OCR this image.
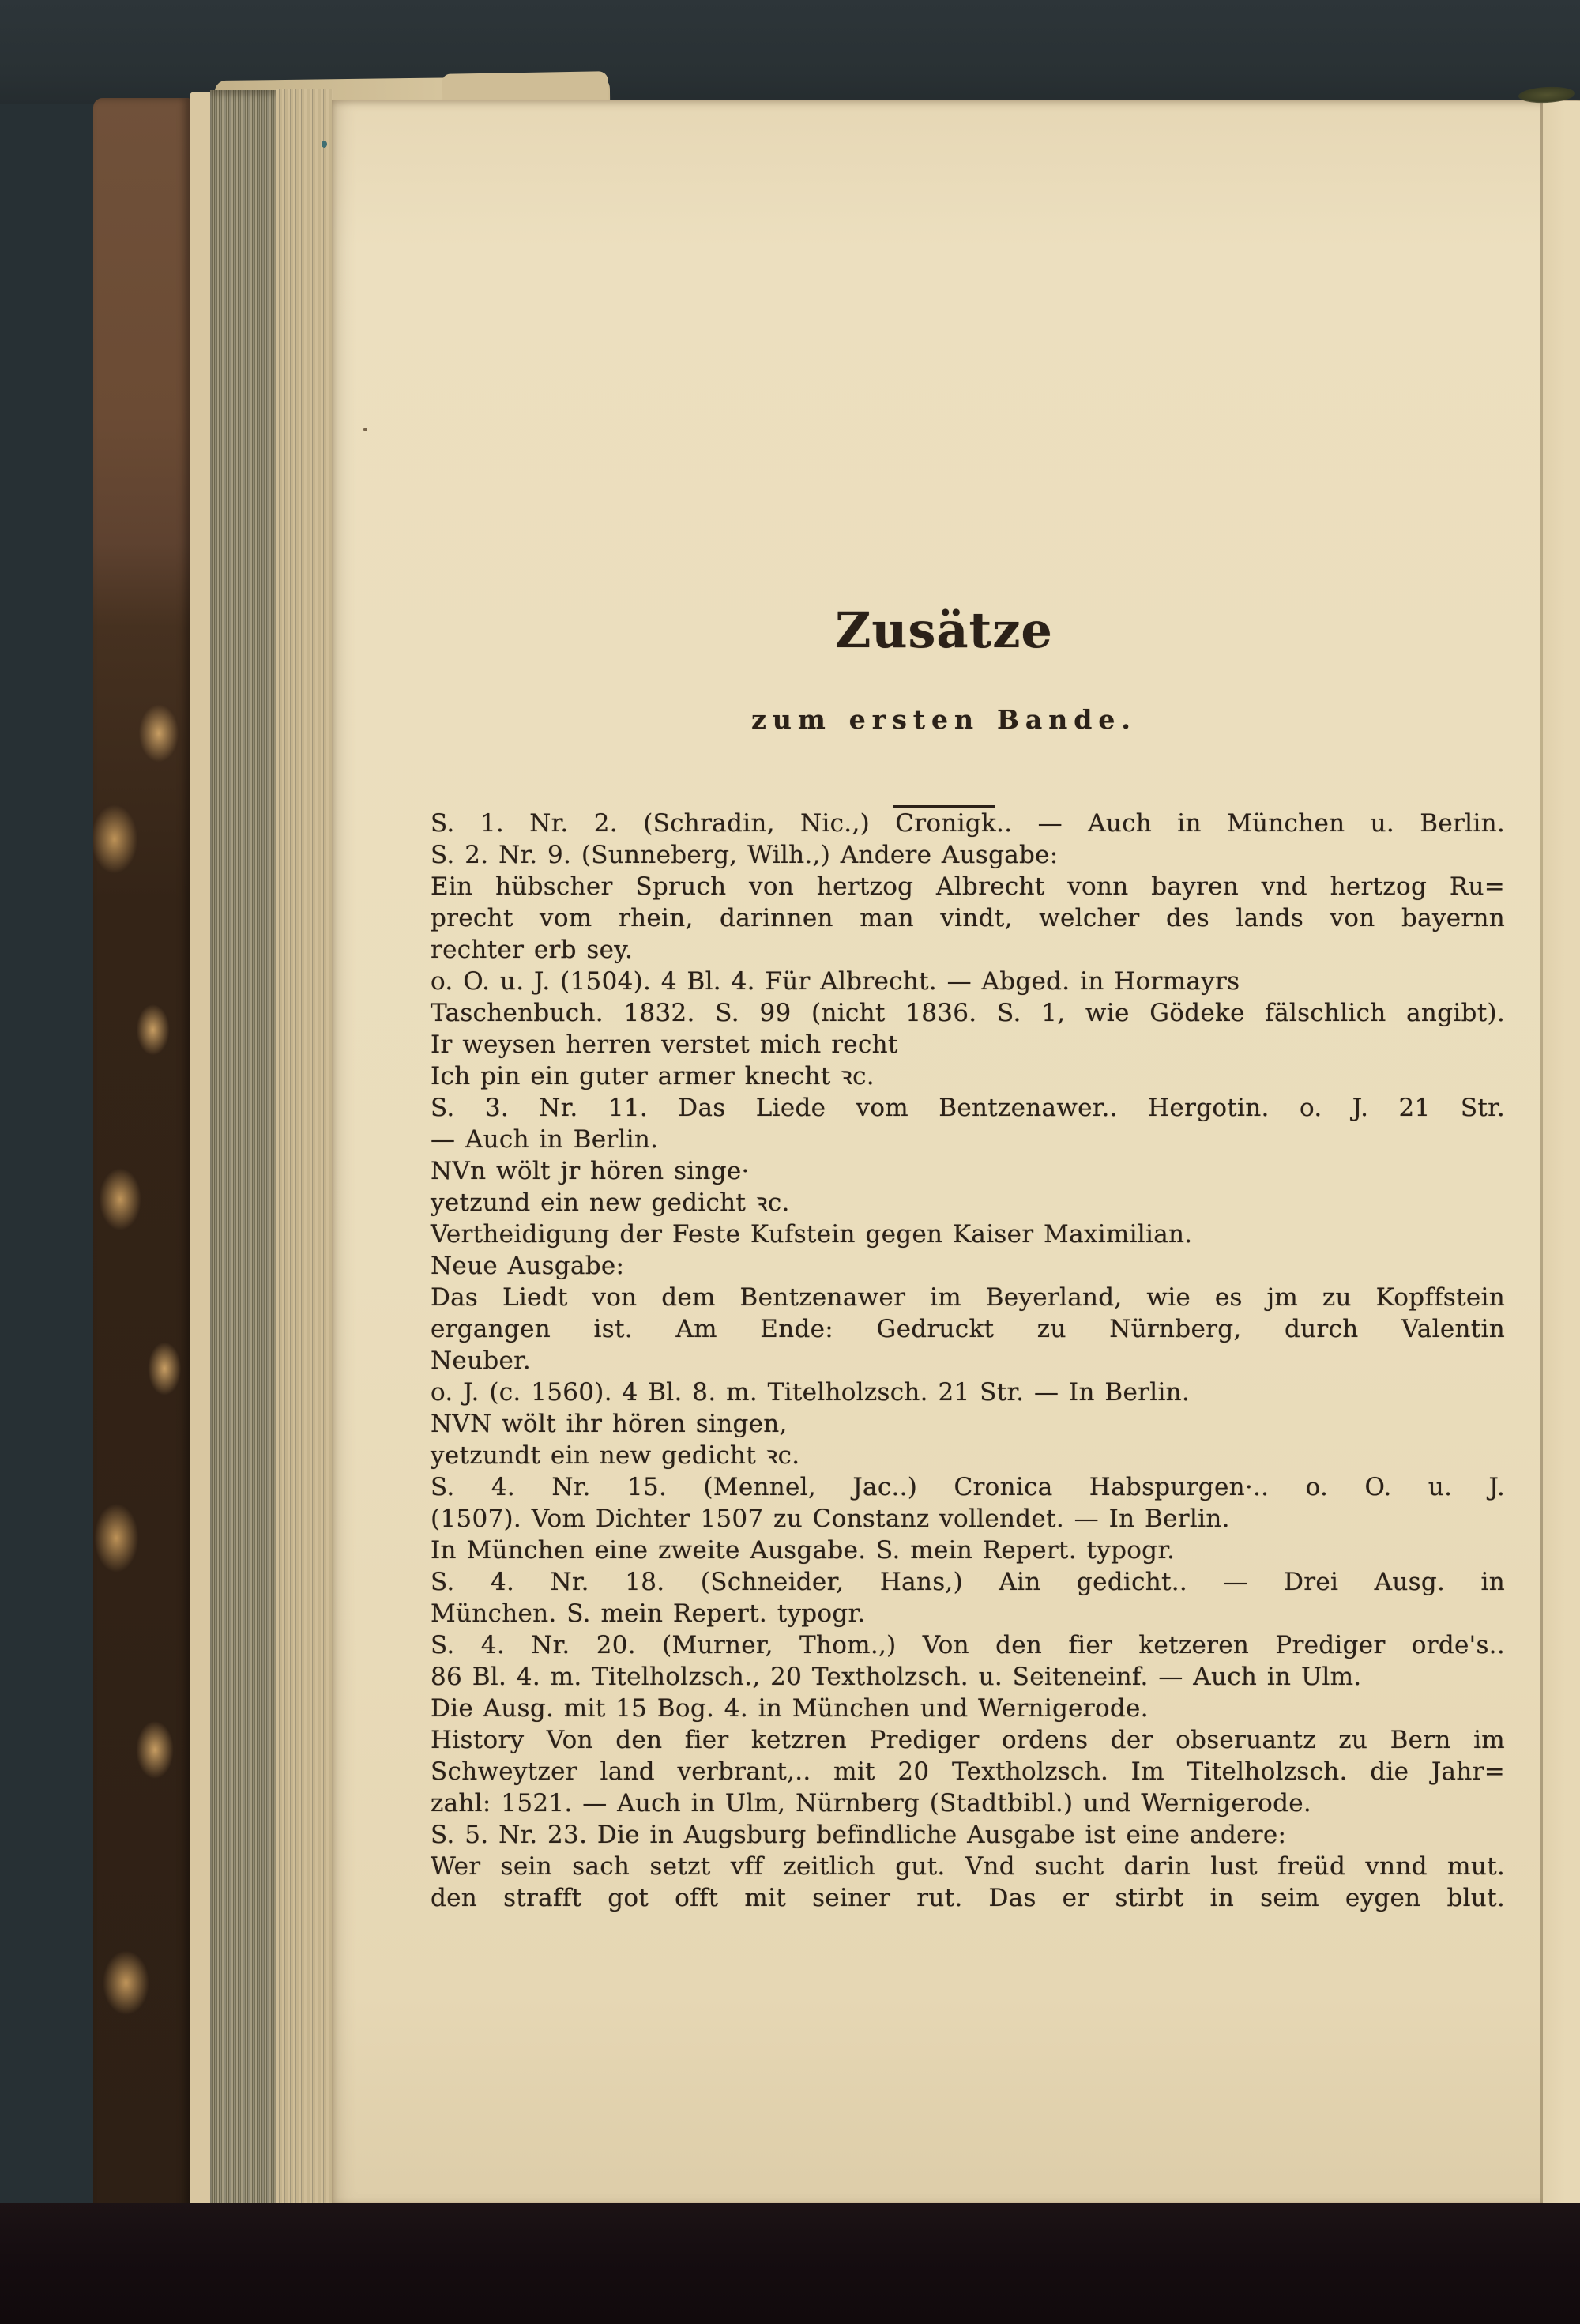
Zusätze
zum ersten Bande.

S. 1. Nr. 2. (Schradin, Nic.,) Cronigk.. — Auch in München u. Berlin.

S. 2. Nr. 9. (Sunneberg, Wilh.,) Andere Ausgabe:

Ein hübscher Spruch von hertzog Albrecht vonn bayren vnd hertzog Ru=

precht vom rhein, darinnen man vindt, welcher des lands von bayernn

rechter erb sey.

o. O. u. J. (1504). 4 Bl. 4. Für Albrecht. — Abged. in Hormayrs

Taschenbuch. 1832. S. 99 (nicht 1836. S. 1, wie Gödeke fälschlich angibt).

Ir weysen herren verstet mich recht

Ich pin ein guter armer knecht ꝛc.

S. 3. Nr. 11. Das Liede vom Bentzenawer.. Hergotin. o. J. 21 Str.

— Auch in Berlin.

NVn wölt jr hören singe·

yetzund ein new gedicht ꝛc.

Vertheidigung der Feste Kufstein gegen Kaiser Maximilian.

Neue Ausgabe:

Das Liedt von dem Bentzenawer im Beyerland, wie es jm zu Kopffstein

ergangen ist. Am Ende: Gedruckt zu Nürnberg, durch Valentin

Neuber.

o. J. (c. 1560). 4 Bl. 8. m. Titelholzsch. 21 Str. — In Berlin.

NVN wölt ihr hören singen,

yetzundt ein new gedicht ꝛc.

S. 4. Nr. 15. (Mennel, Jac..) Cronica Habspurgen·.. o. O. u. J.

(1507). Vom Dichter 1507 zu Constanz vollendet. — In Berlin.

In München eine zweite Ausgabe. S. mein Repert. typogr.

S. 4. Nr. 18. (Schneider, Hans,) Ain gedicht.. — Drei Ausg. in

München. S. mein Repert. typogr.

S. 4. Nr. 20. (Murner, Thom.,) Von den fier ketzeren Prediger orde's..

86 Bl. 4. m. Titelholzsch., 20 Textholzsch. u. Seiteneinf. — Auch in Ulm.

Die Ausg. mit 15 Bog. 4. in München und Wernigerode.

History Von den fier ketzren Prediger ordens der obseruantz zu Bern im

Schweytzer land verbrant,.. mit 20 Textholzsch. Im Titelholzsch. die Jahr=

zahl: 1521. — Auch in Ulm, Nürnberg (Stadtbibl.) und Wernigerode.

S. 5. Nr. 23. Die in Augsburg befindliche Ausgabe ist eine andere:

Wer sein sach setzt vff zeitlich gut. Vnd sucht darin lust freüd vnnd mut.

den strafft got offt mit seiner rut. Das er stirbt in seim eygen blut.
